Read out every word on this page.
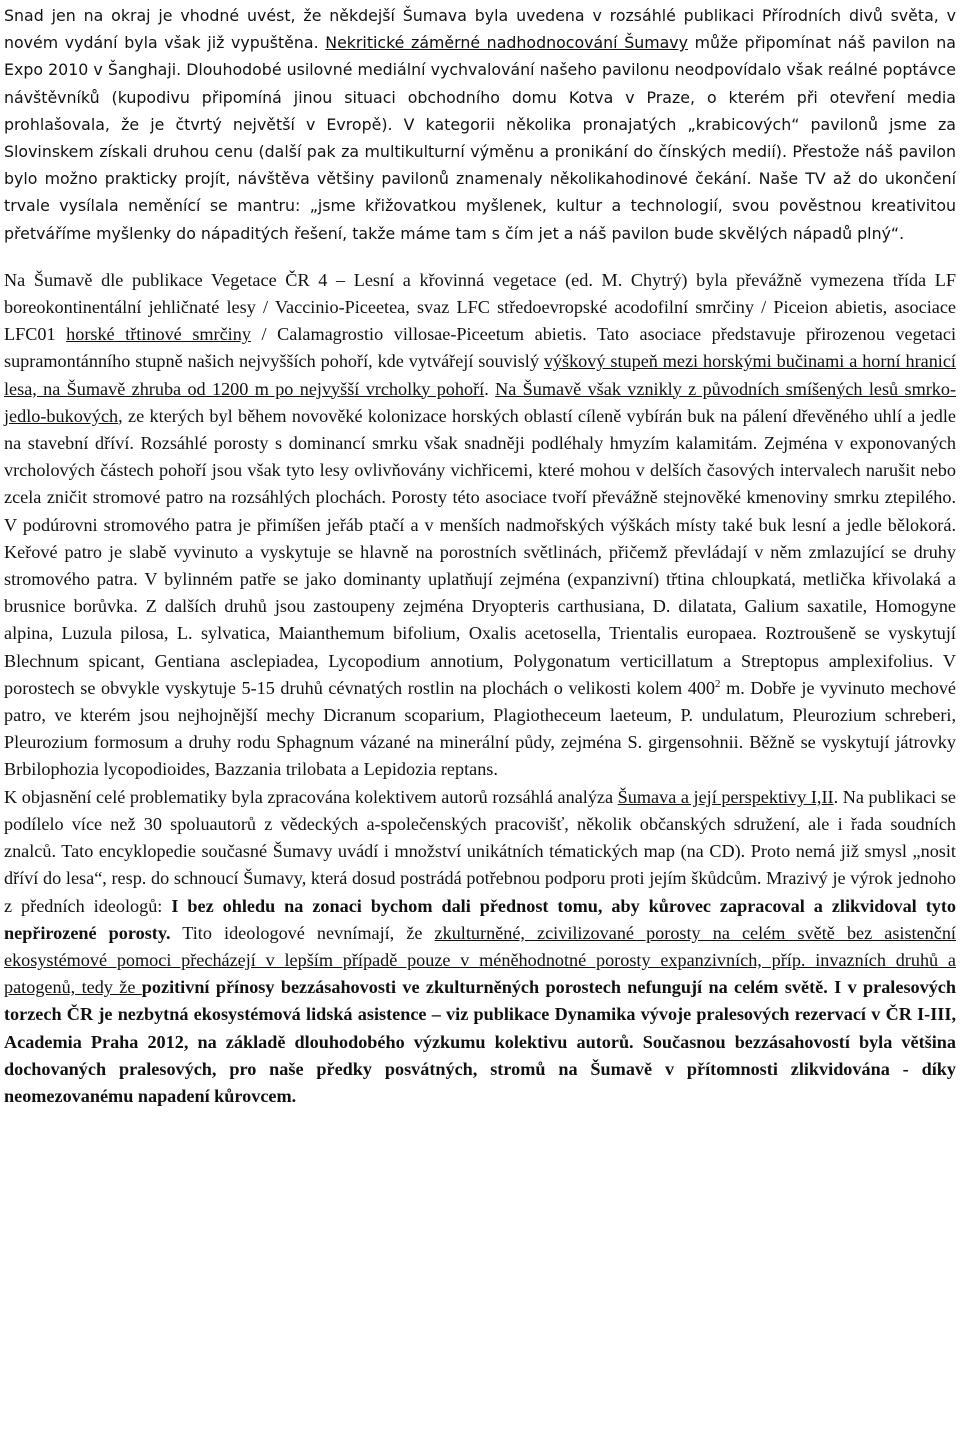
Snad jen na okraj je vhodné uvést, že někdejší Šumava byla uvedena v rozsáhlé publikaci Přírodních divů světa, v novém vydání byla však již vypuštěna. Nekritické záměrné nadhodnocování Šumavy může připomínat náš pavilon na Expo 2010 v Šanghaji. Dlouhodobé usilovné mediální vychvalování našeho pavilonu neodpovídalo však reálné poptávce návštěvníků (kupodivu připomíná jinou situaci obchodního domu Kotva v Praze, o kterém při otevření media prohlašovala, že je čtvrtý největší v Evropě). V kategorii několika pronajatých „krabicových“ pavilonů jsme za Slovinskem získali druhou cenu (další pak za multikulturní výměnu a pronikání do čínských medií). Přestože náš pavilon bylo možno prakticky projít, návštěva většiny pavilonů znamenaly několikahodinové čekání. Naše TV až do ukončení trvale vysílala neměnící se mantru: „jsme křižovatkou myšlenek, kultur a technologií, svou pověstnou kreativitou přetváříme myšlenky do nápaditých řešení, takže máme tam s čím jet a náš pavilon bude skvělých nápadů plný“.

Na Šumavě dle publikace Vegetace ČR 4 – Lesní a křovinná vegetace (ed. M. Chytrý) byla převážně vymezena třída LF boreokontinentální jehličnaté lesy / Vaccinio-Piceetea, svaz LFC středoevropské acodofilní smrčiny / Piceion abietis, asociace LFC01 horské třtinové smrčiny / Calamagrostio villosae-Piceetum abietis. Tato asociace představuje přirozenou vegetaci supramontánního stupně našich nejvyšších pohoří, kde vytvářejí souvislý výškový stupeň mezi horskými bučinami a horní hranicí lesa, na Šumavě zhruba od 1200 m po nejvyšší vrcholky pohoří. Na Šumavě však vznikly z původních smíšených lesů smrko-jedlo-bukových, ze kterých byl během novověké kolonizace horských oblastí cíleně vybírán buk na pálení dřevěného uhlí a jedle na stavební dříví. Rozsáhlé porosty s dominancí smrku však snadněji podléhaly hmyzím kalamitám. Zejména v exponovaných vrcholových částech pohoří jsou však tyto lesy ovlivňovány vichřicemi, které mohou v delších časových intervalech narušit nebo zcela zničit stromové patro na rozsáhlých plochách. Porosty této asociace tvoří převážně stejnověké kmenoviny smrku ztepilého. V podúrovni stromového patra je přimíšen jeřáb ptačí a v menších nadmořských výškách místy také buk lesní a jedle bělokorá. Keřové patro je slabě vyvinuto a vyskytuje se hlavně na porostních světlinách, přičemž převládají v něm zmlazující se druhy stromového patra. V bylinném patře se jako dominanty uplatňují zejména (expanzivní) třtina chloupkatá, metlička křivolaká a brusnice borůvka. Z dalších druhů jsou zastoupeny zejména Dryopteris carthusiana, D. dilatata, Galium saxatile, Homogyne alpina, Luzula pilosa, L. sylvatica, Maianthemum bifolium, Oxalis acetosella, Trientalis europaea. Roztroušeně se vyskytují Blechnum spicant, Gentiana asclepiadea, Lycopodium annotium, Polygonatum verticillatum a Streptopus amplexifolius. V porostech se obvykle vyskytuje 5-15 druhů cévnatých rostlin na plochách o velikosti kolem $400^2$ m. Dobře je vyvinuto mechové patro, ve kterém jsou nejhojnější mechy Dicranum scoparium, Plagiotheceum laeteum, P. undulatum, Pleurozium schreberi, Pleurozium formosum a druhy rodu Sphagnum vázané na minerální půdy, zejména S. girgensohnii. Běžně se vyskytují játrovky Brbilophozia lycopodioides, Bazzania trilobata a Lepidozia reptans.

K objasnění celé problematiky byla zpracována kolektivem autorů rozsáhlá analýza Šumava a její perspektivy I,II. Na publikaci se podílelo více než 30 spoluautorů z vědeckých a-společenských pracovišť, několik občanských sdružení, ale i řada soudních znalců. Tato encyklopedie současné Šumavy uvádí i množství unikátních tématických map (na CD). Proto nemá již smysl „nosit dříví do lesa“, resp. do schnoucí Šumavy, která dosud postrádá potřebnou podporu proti jejím škůdcům. Mrazivý je výrok jednoho z předních ideologů: I bez ohledu na zonaci bychom dali přednost tomu, aby kůrovec zapracoval a zlikvidoval tyto nepřirozené porosty. Tito ideologové nevnímají, že zkulturněné, zcivilizované porosty na celém světě bez asistenční ekosystémové pomoci přecházejí v lepším případě pouze v méněhodnotné porosty expanzivních, příp. invazních druhů a patogenů, tedy že pozitivní přínosy bezzásahovosti ve zkulturněných porostech nefungují na celém světě. I v pralesových torzech ČR je nezbytná ekosystémová lidská asistence – viz publikace Dynamika vývoje pralesových rezervací v ČR I-III, Academia Praha 2012, na základě dlouhodobého výzkumu kolektivu autorů. Současnou bezzásahovostí byla většina dochovaných pralesových, pro naše předky posvátných, stromů na Šumavě v přítomnosti zlikvidována - díky neomezovanému napadení kůrovcem.
